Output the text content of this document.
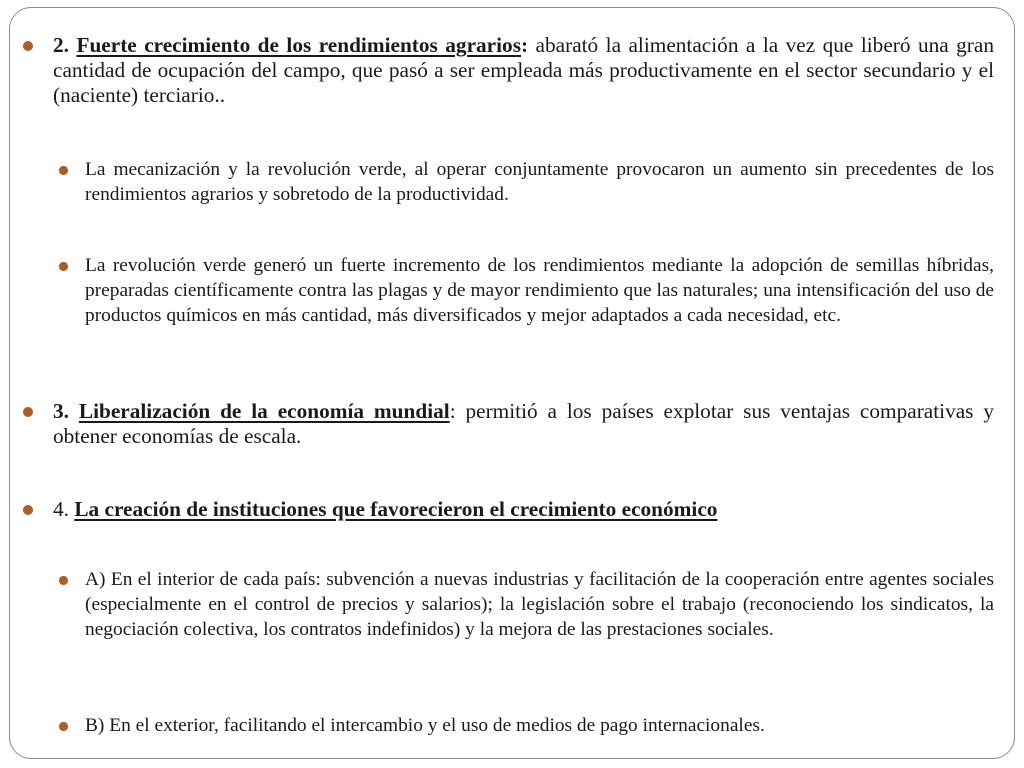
2. Fuerte crecimiento de los rendimientos agrarios: abarató la alimentación a la vez que liberó una gran cantidad de ocupación del campo, que pasó a ser empleada más productivamente en el sector secundario y el (naciente) terciario..
La mecanización y la revolución verde, al operar conjuntamente provocaron un aumento sin precedentes de los rendimientos agrarios y sobretodo de la productividad.
La revolución verde generó un fuerte incremento de los rendimientos mediante la adopción de semillas híbridas, preparadas científicamente contra las plagas y de mayor rendimiento que las naturales; una intensificación del uso de productos químicos en más cantidad, más diversificados y mejor adaptados a cada necesidad, etc.
3. Liberalización de la economía mundial: permitió a los países explotar sus ventajas comparativas y obtener economías de escala.
4. La creación de instituciones que favorecieron el crecimiento económico
A) En el interior de cada país: subvención a nuevas industrias y facilitación de la cooperación entre agentes sociales (especialmente en el control de precios y salarios); la legislación sobre el trabajo (reconociendo los sindicatos, la negociación colectiva, los contratos indefinidos) y la mejora de las prestaciones sociales.
B) En el exterior, facilitando el intercambio y el uso de medios de pago internacionales.
